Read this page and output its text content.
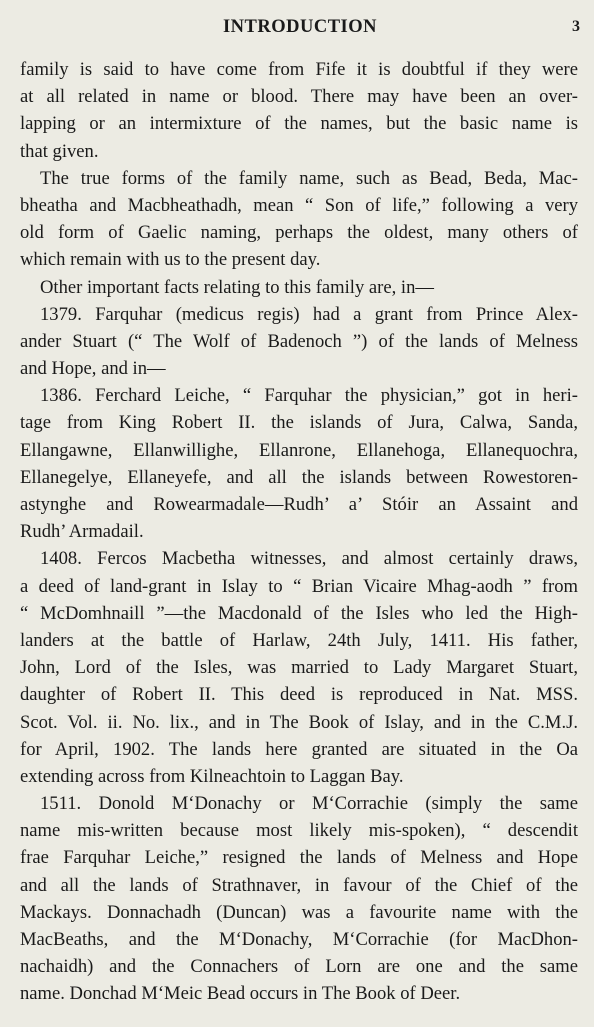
INTRODUCTION	3
family is said to have come from Fife it is doubtful if they were
at all related in name or blood. There may have been an over-
lapping or an intermixture of the names, but the basic name is
that given.
The true forms of the family name, such as Bead, Beda, Mac-
bheatha and Macbheathadh, mean “ Son of life,” following a very
old form of Gaelic naming, perhaps the oldest, many others of
which remain with us to the present day.
Other important facts relating to this family are, in—
1379. Farquhar (medicus regis) had a grant from Prince Alex-
ander Stuart (“ The Wolf of Badenoch ”) of the lands of Melness
and Hope, and in—
1386. Ferchard Leiche, “ Farquhar the physician,” got in heri-
tage from King Robert II. the islands of Jura, Calwa, Sanda,
Ellangawne, Ellanwillighe, Ellanrone, Ellanehoga, Ellanequochra,
Ellanegelye, Ellaneyefe, and all the islands between Rowestoren-
astynghe and Rowearmadale—Rudh’ a’ Stóir an Assaint and
Rudh’ Armadail.
1408. Fercos Macbetha witnesses, and almost certainly draws,
a deed of land-grant in Islay to “ Brian Vicaire Mhag-aodh ” from
“ McDomhnaill ”—the Macdonald of the Isles who led the High-
landers at the battle of Harlaw, 24th July, 1411. His father,
John, Lord of the Isles, was married to Lady Margaret Stuart,
daughter of Robert II. This deed is reproduced in Nat. MSS.
Scot. Vol. ii. No. lix., and in The Book of Islay, and in the C.M.J.
for April, 1902. The lands here granted are situated in the Oa
extending across from Kilneachtoin to Laggan Bay.
1511. Donold M‘Donachy or M‘Corrachie (simply the same
name mis-written because most likely mis-spoken), “ descendit
frae Farquhar Leiche,” resigned the lands of Melness and Hope
and all the lands of Strathnaver, in favour of the Chief of the
Mackays. Donnachadh (Duncan) was a favourite name with the
MacBeaths, and the M‘Donachy, M‘Corrachie (for MacDhon-
nachaidh) and the Connachers of Lorn are one and the same
name. Donchad M‘Meic Bead occurs in The Book of Deer.
